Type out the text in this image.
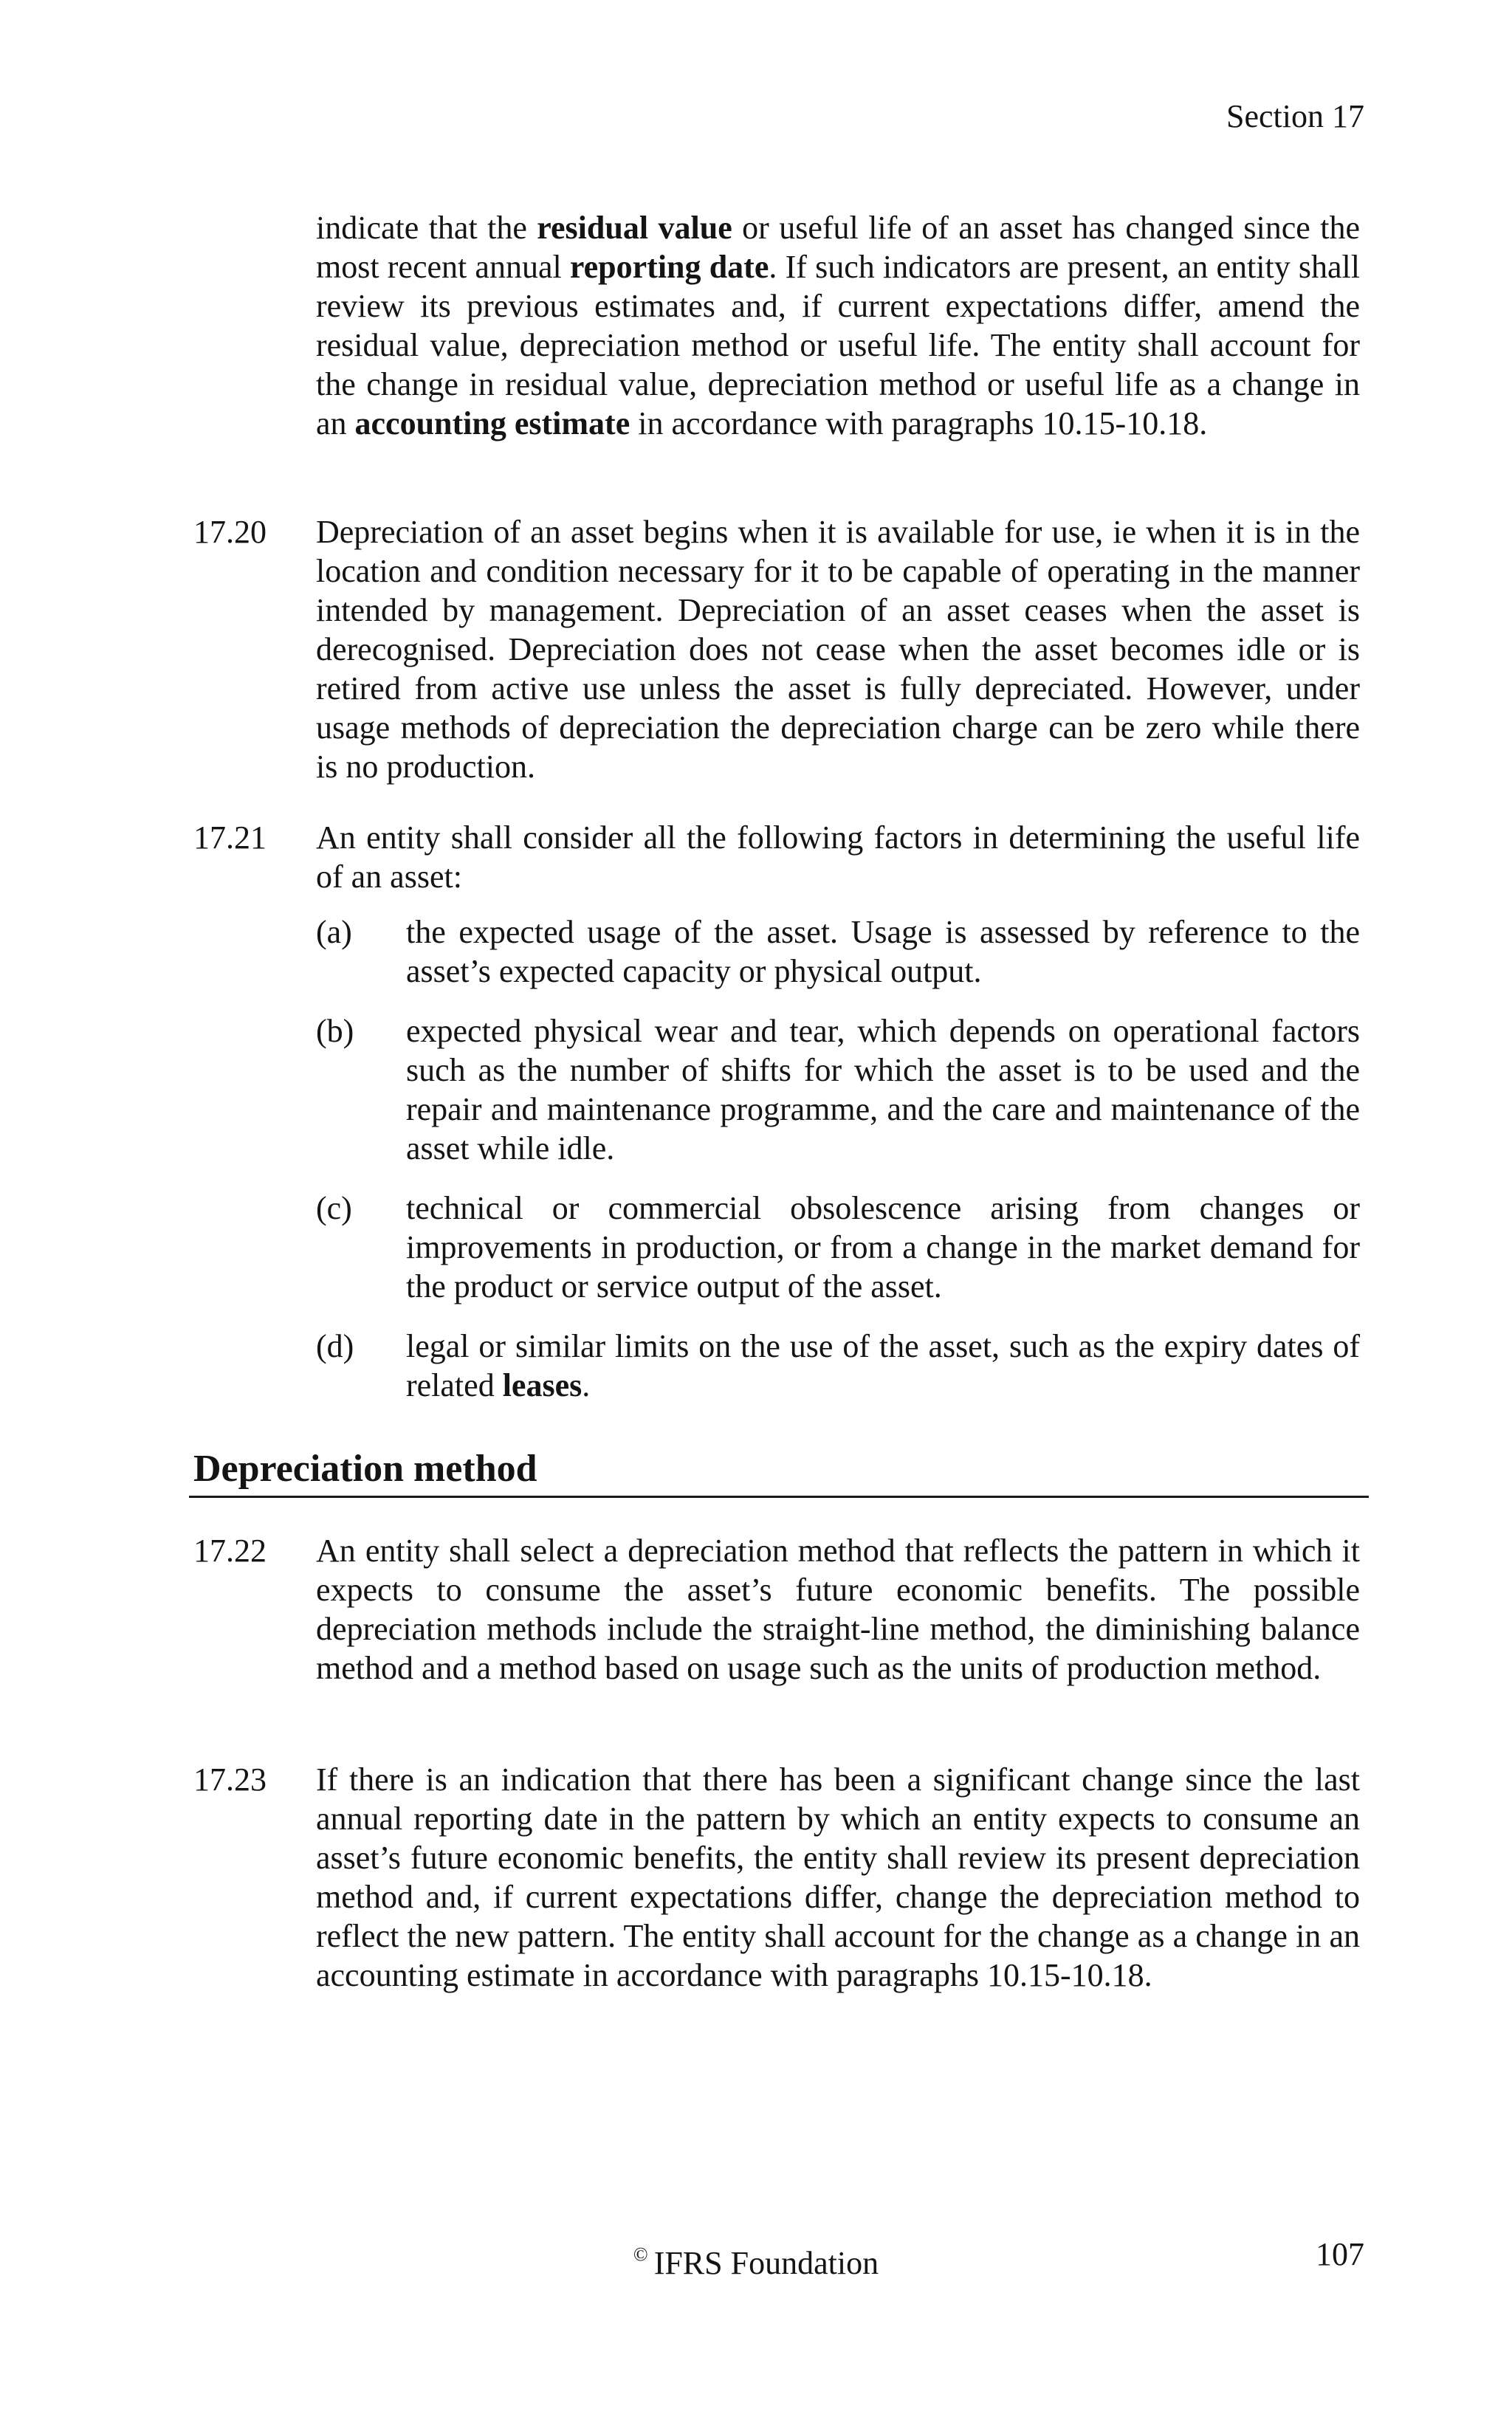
Section 17

indicate that the residual value or useful life of an asset has changed since the most recent annual reporting date. If such indicators are present, an entity shall review its previous estimates and, if current expectations differ, amend the residual value, depreciation method or useful life. The entity shall account for the change in residual value, depreciation method or useful life as a change in an accounting estimate in accordance with paragraphs 10.15-10.18.

17.20 Depreciation of an asset begins when it is available for use, ie when it is in the location and condition necessary for it to be capable of operating in the manner intended by management. Depreciation of an asset ceases when the asset is derecognised. Depreciation does not cease when the asset becomes idle or is retired from active use unless the asset is fully depreciated. However, under usage methods of depreciation the depreciation charge can be zero while there is no production.

17.21 An entity shall consider all the following factors in determining the useful life of an asset:

(a) the expected usage of the asset. Usage is assessed by reference to the asset’s expected capacity or physical output.
(b) expected physical wear and tear, which depends on operational factors such as the number of shifts for which the asset is to be used and the repair and maintenance programme, and the care and maintenance of the asset while idle.
(c) technical or commercial obsolescence arising from changes or improvements in production, or from a change in the market demand for the product or service output of the asset.
(d) legal or similar limits on the use of the asset, such as the expiry dates of related leases.
Depreciation method
17.22 An entity shall select a depreciation method that reflects the pattern in which it expects to consume the asset’s future economic benefits. The possible depreciation methods include the straight-line method, the diminishing balance method and a method based on usage such as the units of production method.

17.23 If there is an indication that there has been a significant change since the last annual reporting date in the pattern by which an entity expects to consume an asset’s future economic benefits, the entity shall review its present depreciation method and, if current expectations differ, change the depreciation method to reflect the new pattern. The entity shall account for the change as a change in an accounting estimate in accordance with paragraphs 10.15-10.18.

© IFRS Foundation	107
